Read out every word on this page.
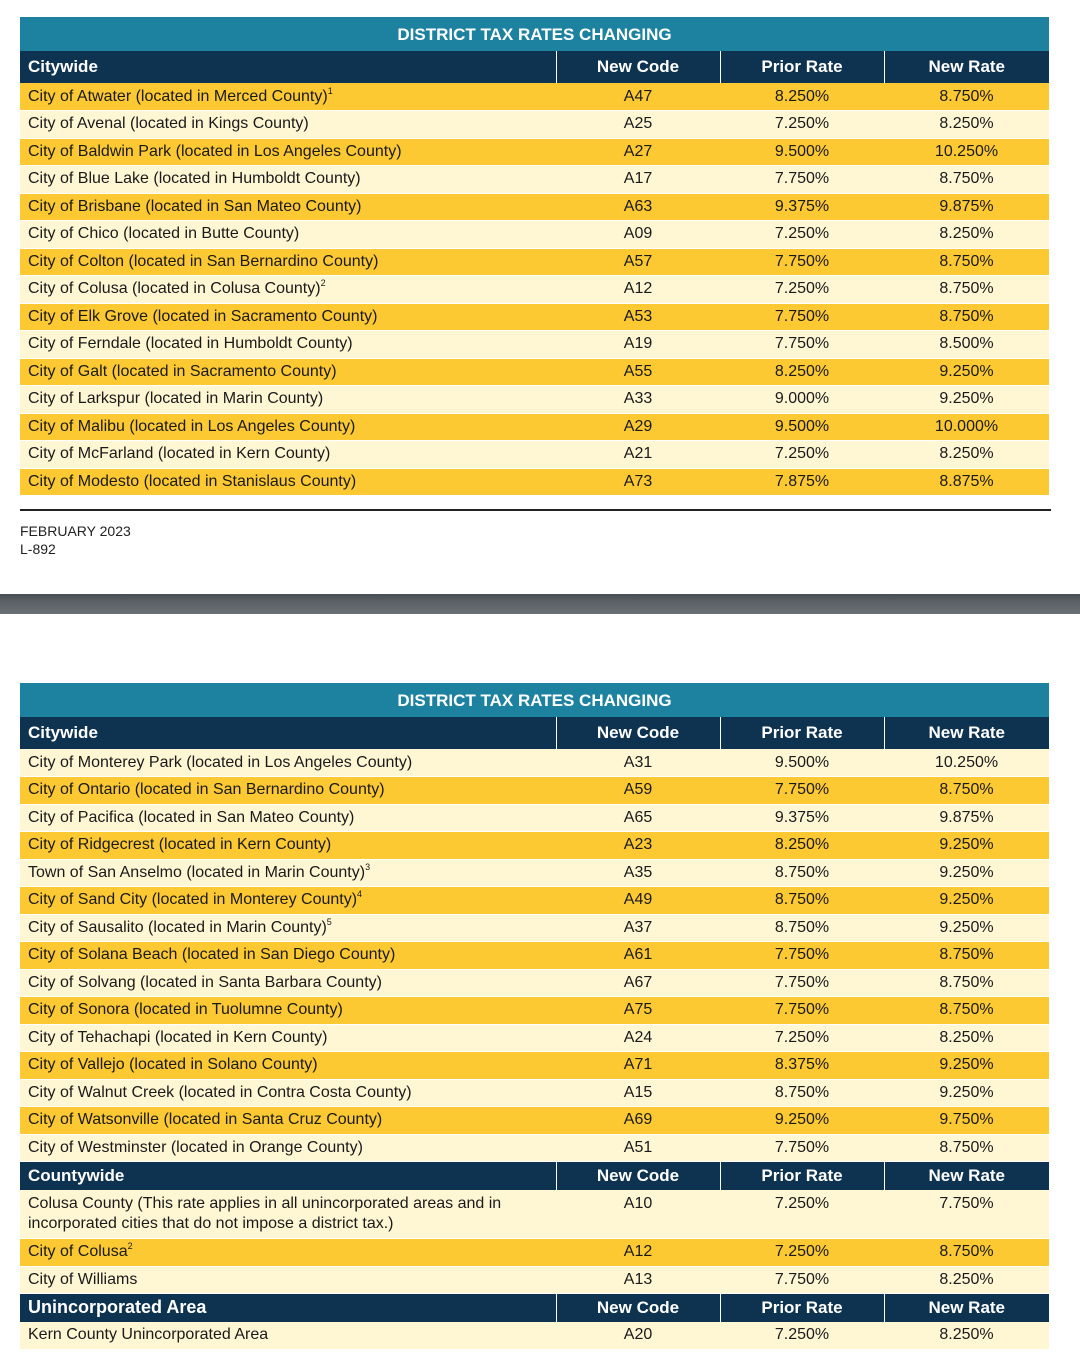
DISTRICT TAX RATES CHANGING			
Citywide	New Code	Prior Rate	New Rate
City of Atwater (located in Merced County)$^1$	A47	8.250%	8.750%
City of Avenal (located in Kings County)	A25	7.250%	8.250%
City of Baldwin Park (located in Los Angeles County)	A27	9.500%	10.250%
City of Blue Lake (located in Humboldt County)	A17	7.750%	8.750%
City of Brisbane (located in San Mateo County)	A63	9.375%	9.875%
City of Chico (located in Butte County)	A09	7.250%	8.250%
City of Colton (located in San Bernardino County)	A57	7.750%	8.750%
City of Colusa (located in Colusa County)$^2$	A12	7.250%	8.750%
City of Elk Grove (located in Sacramento County)	A53	7.750%	8.750%
City of Ferndale (located in Humboldt County)	A19	7.750%	8.500%
City of Galt (located in Sacramento County)	A55	8.250%	9.250%
City of Larkspur (located in Marin County)	A33	9.000%	9.250%
City of Malibu (located in Los Angeles County)	A29	9.500%	10.000%
City of McFarland (located in Kern County)	A21	7.250%	8.250%
City of Modesto (located in Stanislaus County)	A73	7.875%	8.875%
FEBRUARY 2023
L-892
DISTRICT TAX RATES CHANGING			
Citywide	New Code	Prior Rate	New Rate
City of Monterey Park (located in Los Angeles County)	A31	9.500%	10.250%
City of Ontario (located in San Bernardino County)	A59	7.750%	8.750%
City of Pacifica (located in San Mateo County)	A65	9.375%	9.875%
City of Ridgecrest (located in Kern County)	A23	8.250%	9.250%
Town of San Anselmo (located in Marin County)$^3$	A35	8.750%	9.250%
City of Sand City (located in Monterey County)$^4$	A49	8.750%	9.250%
City of Sausalito (located in Marin County)$^5$	A37	8.750%	9.250%
City of Solana Beach (located in San Diego County)	A61	7.750%	8.750%
City of Solvang (located in Santa Barbara County)	A67	7.750%	8.750%
City of Sonora (located in Tuolumne County)	A75	7.750%	8.750%
City of Tehachapi (located in Kern County)	A24	7.250%	8.250%
City of Vallejo (located in Solano County)	A71	8.375%	9.250%
City of Walnut Creek (located in Contra Costa County)	A15	8.750%	9.250%
City of Watsonville (located in Santa Cruz County)	A69	9.250%	9.750%
City of Westminster (located in Orange County)	A51	7.750%	8.750%
Countywide	New Code	Prior Rate	New Rate
Colusa County (This rate applies in all unincorporated areas and in incorporated cities that do not impose a district tax.)	A10	7.250%	7.750%
City of Colusa$^2$	A12	7.250%	8.750%
City of Williams	A13	7.750%	8.250%
Unincorporated Area	New Code	Prior Rate	New Rate
Kern County Unincorporated Area	A20	7.250%	8.250%
